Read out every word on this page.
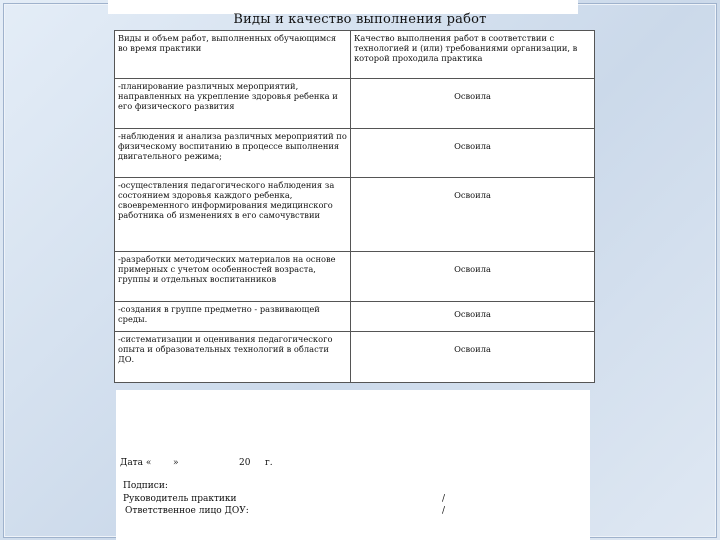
Виды и качество выполнения работ
Виды и объем работ, выполненных обучающимся во время практики	Качество выполнения работ в соответствии с технологией и (или) требованиями организации, в которой проходила практика
-планирование различных мероприятий, направленных на укрепление здоровья ребенка и его физического развития	Освоила
-наблюдения и анализа различных мероприятий по физическому воспитанию в процессе выполнения двигательного режима;	Освоила
-осуществления педагогического наблюдения за состоянием здоровья каждого ребенка, своевременного информирования медицинского работника об изменениях в его самочувствии	Освоила
-разработки методических материалов на основе примерных с учетом особенностей возраста, группы и отдельных воспитанников	Освоила
-создания в группе предметно - развивающей среды.	Освоила
-систематизации и оценивания педагогического опыта и образовательных технологий в области ДО.	Освоила
Дата « »	20 г.
Подписи:
Руководитель практики
Ответственное лицо ДОУ:
/
/
